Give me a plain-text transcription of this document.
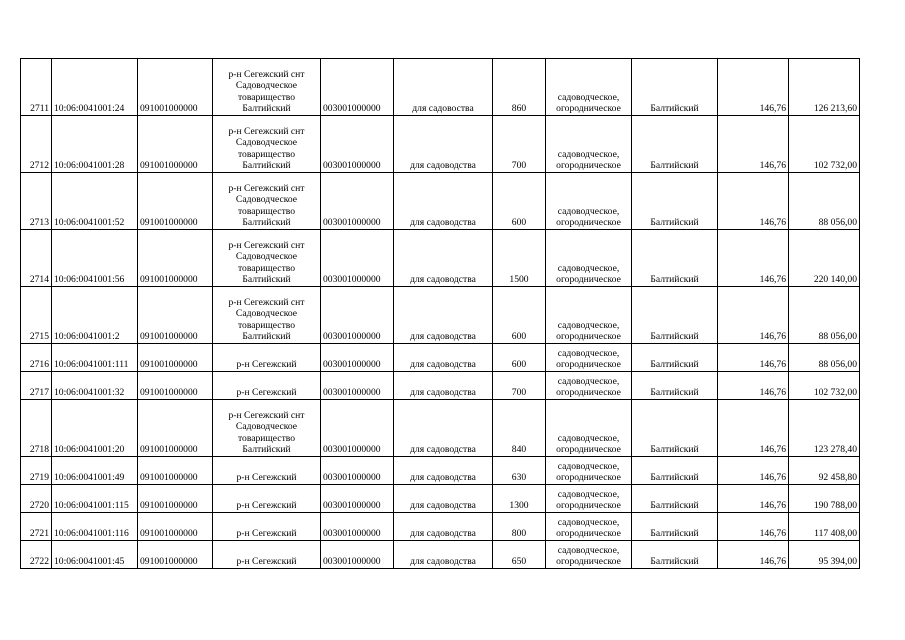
2711	10:06:0041001:24	091001000000	р-н Сегежский снт
Садоводческое
товарищество
Балтийский	003001000000	для садовоства	860	садоводческое,
огородническое	Балтийский	146,76	126 213,60
2712	10:06:0041001:28	091001000000	р-н Сегежский снт
Садоводческое
товарищество
Балтийский	003001000000	для садоводства	700	садоводческое,
огородническое	Балтийский	146,76	102 732,00
2713	10:06:0041001:52	091001000000	р-н Сегежский снт
Садоводческое
товарищество
Балтийский	003001000000	для садоводства	600	садоводческое,
огородническое	Балтийский	146,76	88 056,00
2714	10:06:0041001:56	091001000000	р-н Сегежский снт
Садоводческое
товарищество
Балтийский	003001000000	для садоводства	1500	садоводческое,
огородническое	Балтийский	146,76	220 140,00
2715	10:06:0041001:2	091001000000	р-н Сегежский снт
Садоводческое
товарищество
Балтийский	003001000000	для садоводства	600	садоводческое,
огородническое	Балтийский	146,76	88 056,00
2716	10:06:0041001:111	091001000000	р-н Сегежский	003001000000	для садоводства	600	садоводческое,
огородническое	Балтийский	146,76	88 056,00
2717	10:06:0041001:32	091001000000	р-н Сегежский	003001000000	для садоводства	700	садоводческое,
огородническое	Балтийский	146,76	102 732,00
2718	10:06:0041001:20	091001000000	р-н Сегежский снт
Садоводческое
товарищество
Балтийский	003001000000	для садоводства	840	садоводческое,
огородническое	Балтийский	146,76	123 278,40
2719	10:06:0041001:49	091001000000	р-н Сегежский	003001000000	для садоводства	630	садоводческое,
огородническое	Балтийский	146,76	92 458,80
2720	10:06:0041001:115	091001000000	р-н Сегежский	003001000000	для садоводства	1300	садоводческое,
огородническое	Балтийский	146,76	190 788,00
2721	10:06:0041001:116	091001000000	р-н Сегежский	003001000000	для садоводства	800	садоводческое,
огородническое	Балтийский	146,76	117 408,00
2722	10:06:0041001:45	091001000000	р-н Сегежский	003001000000	для садоводства	650	садоводческое,
огородническое	Балтийский	146,76	95 394,00
